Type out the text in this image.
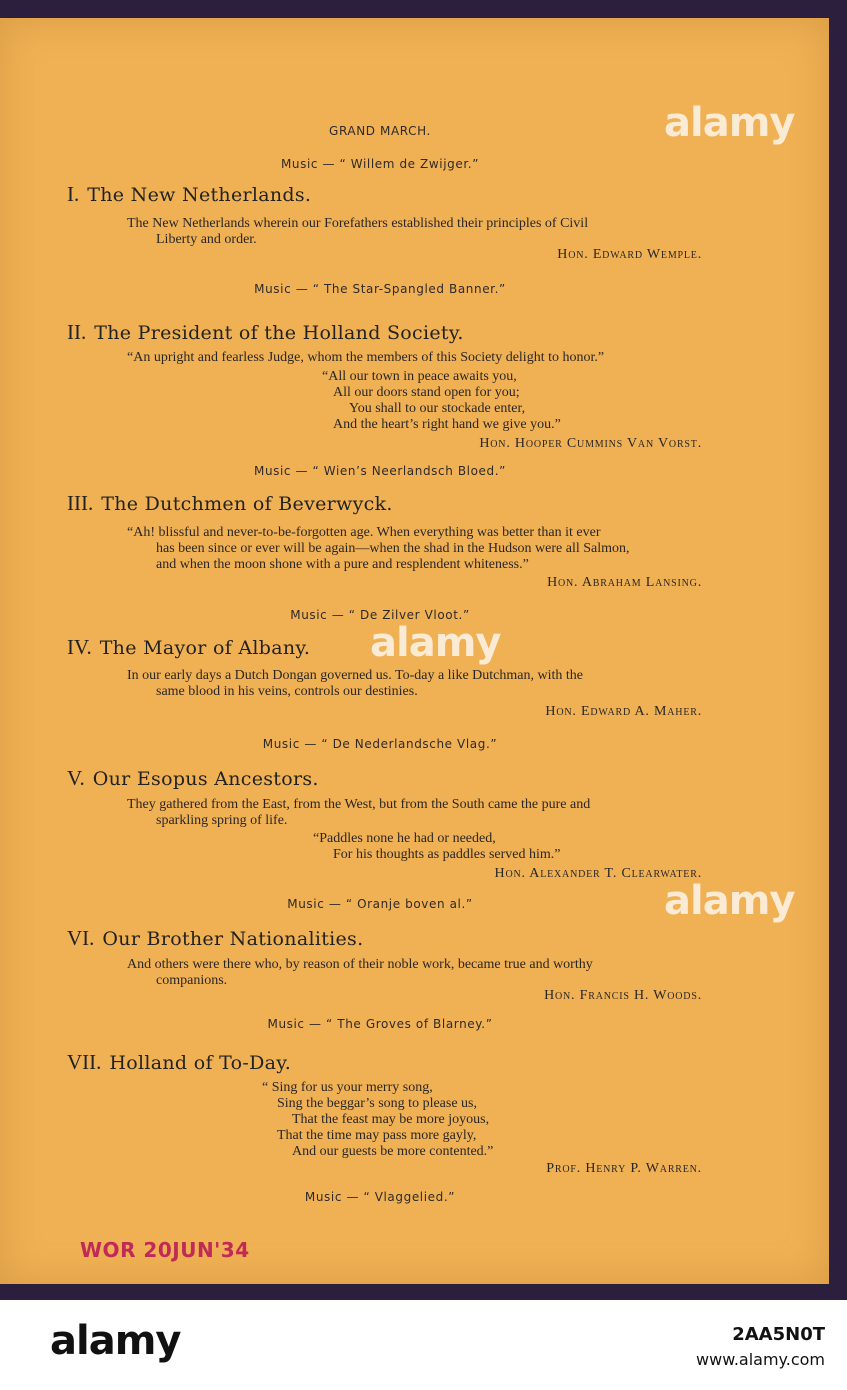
GRAND MARCH.
Music — “ Willem de Zwijger.”
I. The New Netherlands.
The New Netherlands wherein our Forefathers established their principles of Civil
Liberty and order.
Hon. Edward Wemple.
Music — “ The Star-Spangled Banner.”
II. The President of the Holland Society.
“An upright and fearless Judge, whom the members of this Society delight to honor.”
“All our town in peace awaits you,
All our doors stand open for you;
You shall to our stockade enter,
And the heart’s right hand we give you.”
Hon. Hooper Cummins Van Vorst.
Music — “ Wien’s Neerlandsch Bloed.”
III. The Dutchmen of Beverwyck.
“Ah! blissful and never-to-be-forgotten age. When everything was better than it ever
has been since or ever will be again—when the shad in the Hudson were all Salmon,
and when the moon shone with a pure and resplendent whiteness.”
Hon. Abraham Lansing.
Music — “ De Zilver Vloot.”
IV. The Mayor of Albany.
In our early days a Dutch Dongan governed us. To-day a like Dutchman, with the
same blood in his veins, controls our destinies.
Hon. Edward A. Maher.
Music — “ De Nederlandsche Vlag.”
V. Our Esopus Ancestors.
They gathered from the East, from the West, but from the South came the pure and
sparkling spring of life.
“Paddles none he had or needed,
For his thoughts as paddles served him.”
Hon. Alexander T. Clearwater.
Music — “ Oranje boven al.”
VI. Our Brother Nationalities.
And others were there who, by reason of their noble work, became true and worthy
companions.
Hon. Francis H. Woods.
Music — “ The Groves of Blarney.”
VII. Holland of To-Day.
“ Sing for us your merry song,
Sing the beggar’s song to please us,
That the feast may be more joyous,
That the time may pass more gayly,
And our guests be more contented.”
Prof. Henry P. Warren.
Music — “ Vlaggelied.”
WOR 20JUN'34
alamy
alamy
alamy
alamy	2AA5N0T
www.alamy.com
